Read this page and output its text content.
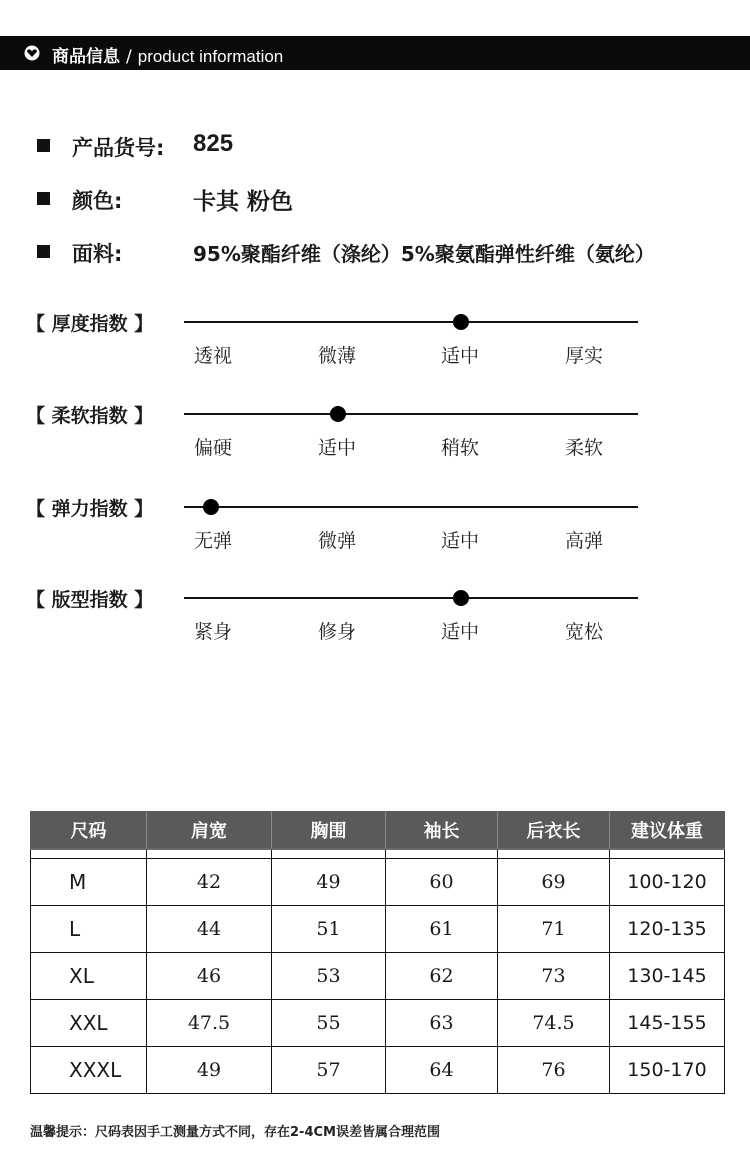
商品信息 / product information
产品货号: 825
颜色:	卡其 粉色
面料:	95%聚酯纤维（涤纶）5%聚氨酯弹性纤维（氨纶）
【 厚度指数 】
透视	微薄	适中	厚实
【 柔软指数 】
偏硬	适中	稍软	柔软
【 弹力指数 】
无弹	微弹	适中	高弹
【 版型指数 】
紧身	修身	适中	宽松
尺码	肩宽	胸围	袖长	后衣长	建议体重

M	42	49	60	69	100-120
L	44	51	61	71	120-135
XL	46	53	62	73	130-145
XXL	47.5	55	63	74.5	145-155
XXXL	49	57	64	76	150-170
温馨提示：尺码表因手工测量方式不同，存在2-4CM误差皆属合理范围
